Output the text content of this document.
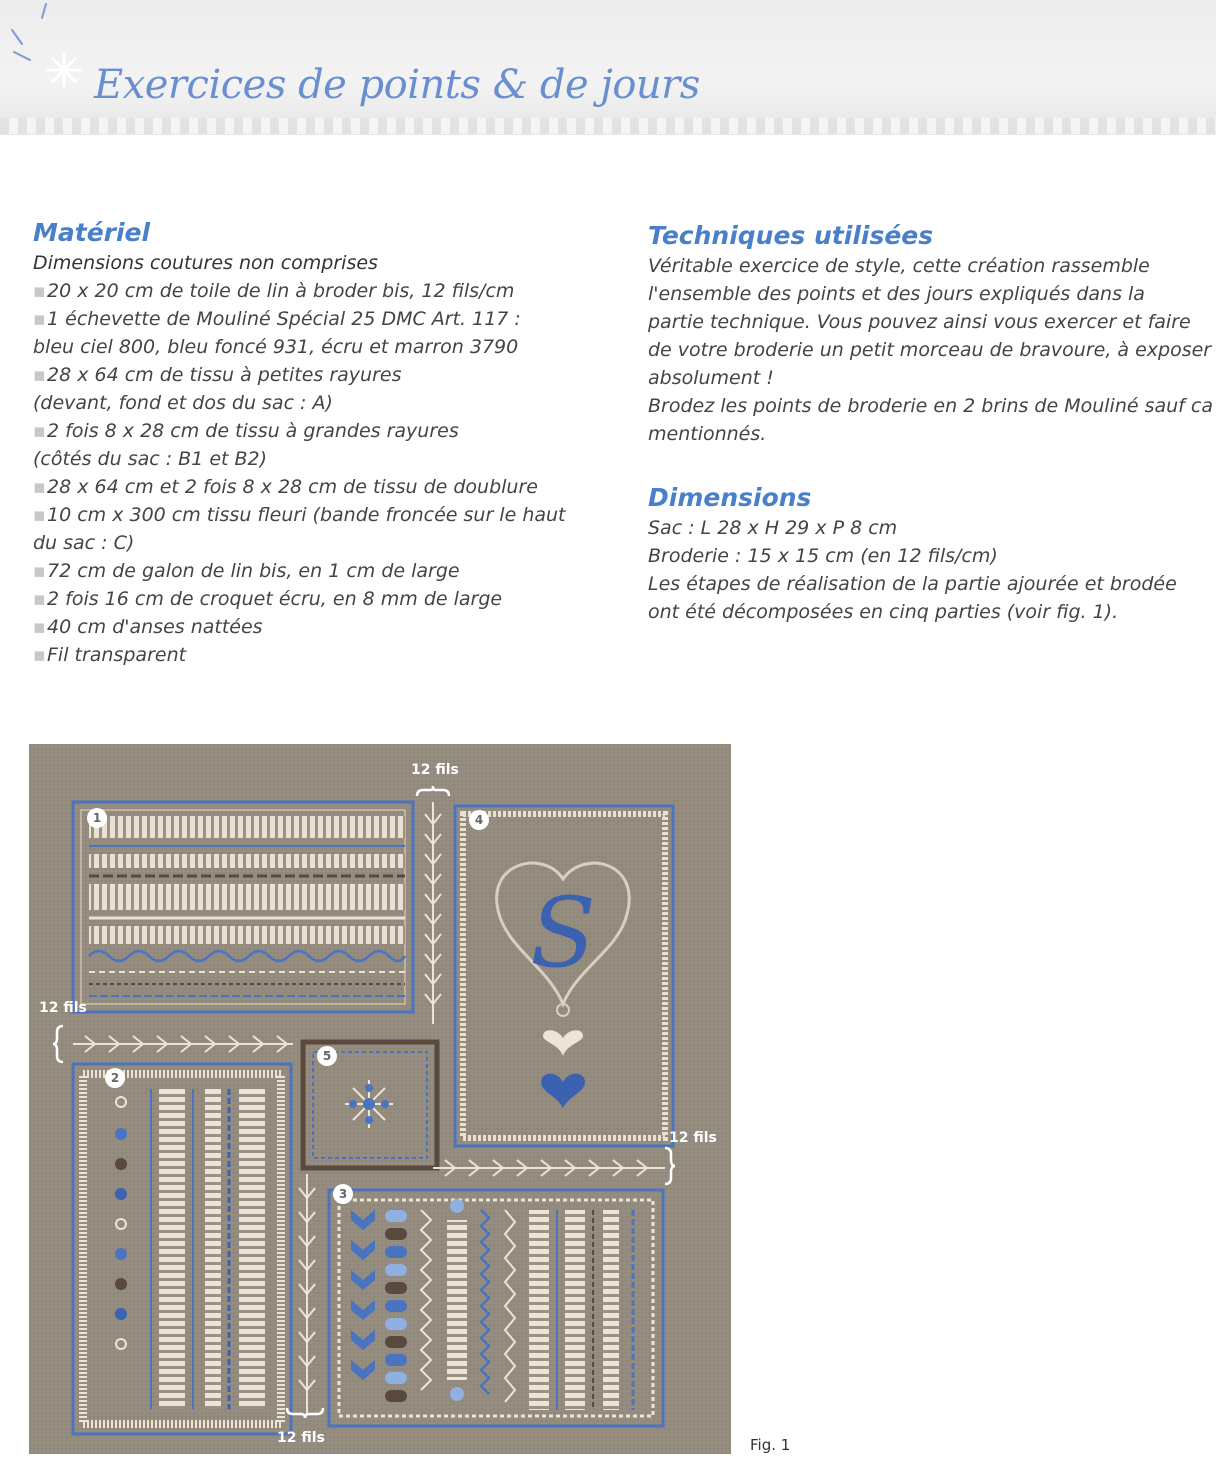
Exercices de points & de jours
Matériel

Dimensions coutures non comprises

▪20 x 20 cm de toile de lin à broder bis, 12 fils/cm
▪1 échevette de Mouliné Spécial 25 DMC Art. 117 :
bleu ciel 800, bleu foncé 931, écru et marron 3790
▪28 x 64 cm de tissu à petites rayures
(devant, fond et dos du sac : A)
▪2 fois 8 x 28 cm de tissu à grandes rayures
(côtés du sac : B1 et B2)
▪28 x 64 cm et 2 fois 8 x 28 cm de tissu de doublure
▪10 cm x 300 cm tissu fleuri (bande froncée sur le haut
du sac : C)
▪72 cm de galon de lin bis, en 1 cm de large
▪2 fois 16 cm de croquet écru, en 8 mm de large
▪40 cm d'anses nattées
▪Fil transparent
Techniques utilisées

Véritable exercice de style, cette création rassemble

l'ensemble des points et des jours expliqués dans la

partie technique. Vous pouvez ainsi vous exercer et faire

de votre broderie un petit morceau de bravoure, à exposer

absolument !

Brodez les points de broderie en 2 brins de Mouliné sauf ca

mentionnés.

Dimensions

Sac : L 28 x H 29 x P 8 cm

Broderie : 15 x 15 cm (en 12 fils/cm)

Les étapes de réalisation de la partie ajourée et brodée

ont été décomposées en cinq parties (voir fig. 1).

S
12 fils
12 fils
12 fils
12 fils
1
2
3
4
5
Fig. 1
